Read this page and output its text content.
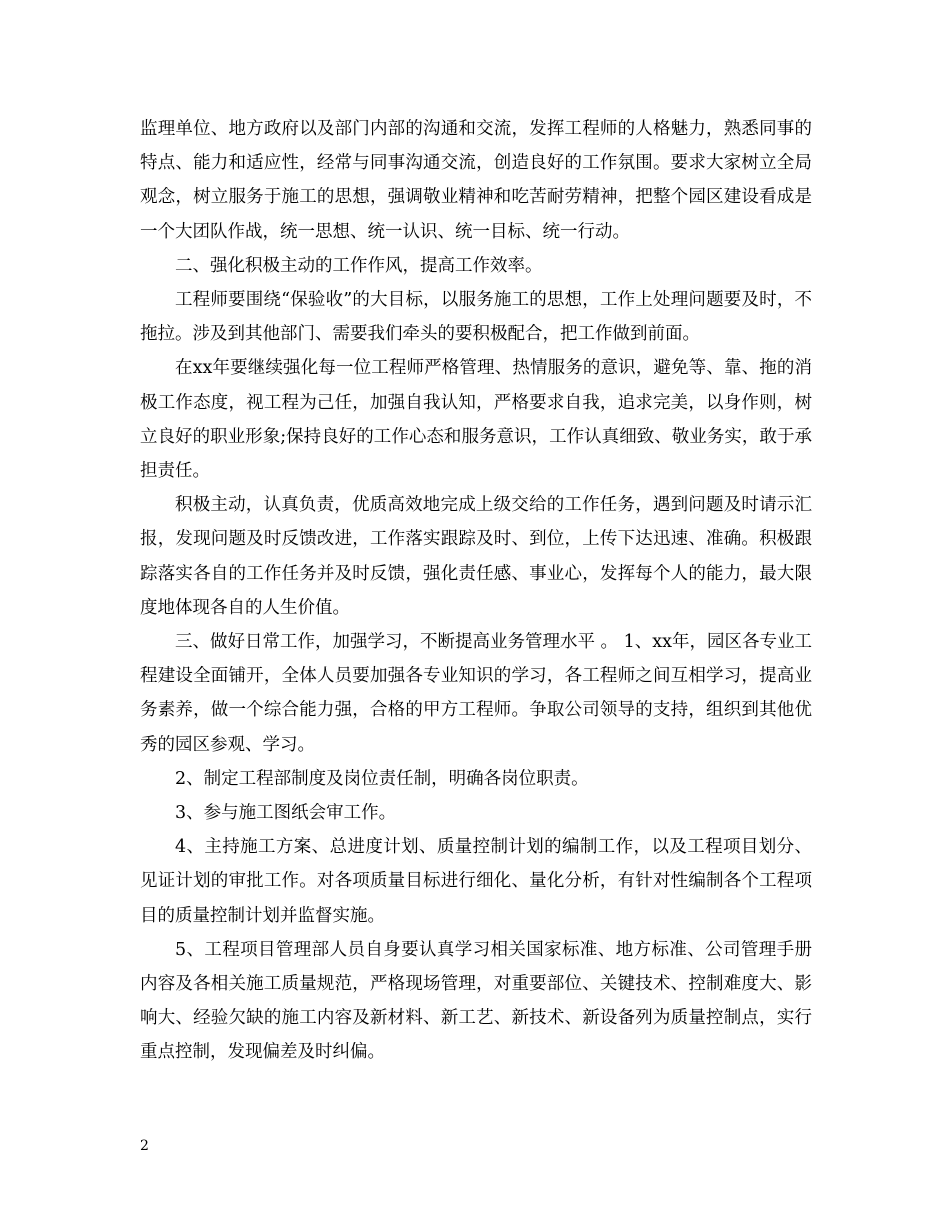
监理单位、地方政府以及部门内部的沟通和交流，发挥工程师的人格魅力，熟悉同事的特点、能力和适应性，经常与同事沟通交流，创造良好的工作氛围。要求大家树立全局观念，树立服务于施工的思想，强调敬业精神和吃苦耐劳精神，把整个园区建设看成是一个大团队作战，统一思想、统一认识、统一目标、统一行动。

二、强化积极主动的工作作风，提高工作效率。

工程师要围绕“保验收”的大目标，以服务施工的思想，工作上处理问题要及时，不拖拉。涉及到其他部门、需要我们牵头的要积极配合，把工作做到前面。

在xx年要继续强化每一位工程师严格管理、热情服务的意识，避免等、靠、拖的消极工作态度，视工程为己任，加强自我认知，严格要求自我，追求完美，以身作则，树立良好的职业形象;保持良好的工作心态和服务意识，工作认真细致、敬业务实，敢于承担责任。

积极主动，认真负责，优质高效地完成上级交给的工作任务，遇到问题及时请示汇报，发现问题及时反馈改进，工作落实跟踪及时、到位，上传下达迅速、准确。积极跟踪落实各自的工作任务并及时反馈，强化责任感、事业心，发挥每个人的能力，最大限度地体现各自的人生价值。

三、做好日常工作，加强学习，不断提高业务管理水平 。 1、xx年，园区各专业工程建设全面铺开，全体人员要加强各专业知识的学习，各工程师之间互相学习，提高业务素养，做一个综合能力强，合格的甲方工程师。争取公司领导的支持，组织到其他优秀的园区参观、学习。

2、制定工程部制度及岗位责任制，明确各岗位职责。

3、参与施工图纸会审工作。

4、主持施工方案、总进度计划、质量控制计划的编制工作，以及工程项目划分、见证计划的审批工作。对各项质量目标进行细化、量化分析，有针对性编制各个工程项目的质量控制计划并监督实施。

5、工程项目管理部人员自身要认真学习相关国家标准、地方标准、公司管理手册内容及各相关施工质量规范，严格现场管理，对重要部位、关键技术、控制难度大、影响大、经验欠缺的施工内容及新材料、新工艺、新技术、新设备列为质量控制点，实行重点控制，发现偏差及时纠偏。

2
